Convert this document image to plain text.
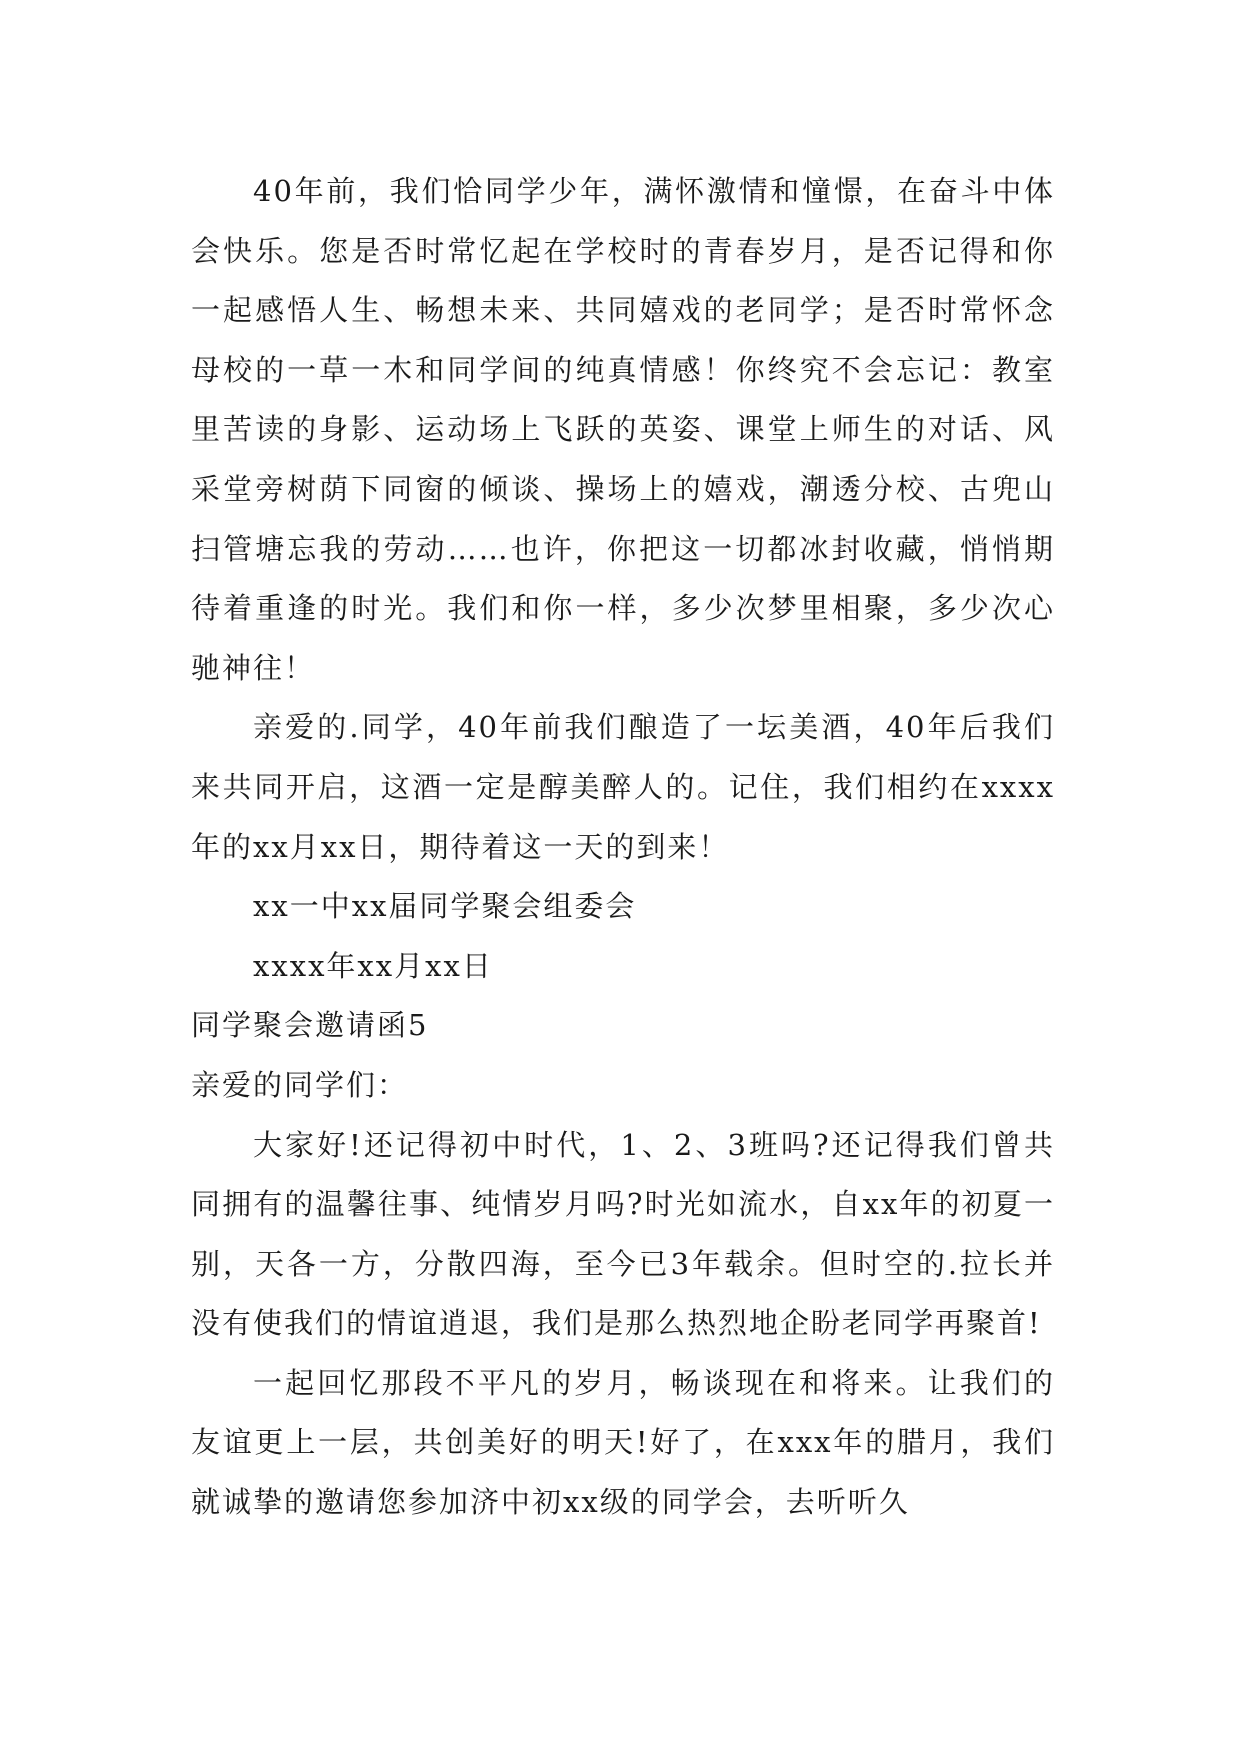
40年前，我们恰同学少年，满怀激情和憧憬，在奋斗中体会快乐。您是否时常忆起在学校时的青春岁月，是否记得和你一起感悟人生、畅想未来、共同嬉戏的老同学；是否时常怀念母校的一草一木和同学间的纯真情感！你终究不会忘记：教室里苦读的身影、运动场上飞跃的英姿、课堂上师生的对话、风采堂旁树荫下同窗的倾谈、操场上的嬉戏，潮透分校、古兜山扫管塘忘我的劳动……也许，你把这一切都冰封收藏，悄悄期待着重逢的时光。我们和你一样，多少次梦里相聚，多少次心驰神往！

亲爱的.同学，40年前我们酿造了一坛美酒，40年后我们来共同开启，这酒一定是醇美醉人的。记住，我们相约在xxxx年的xx月xx日，期待着这一天的到来！

xx一中xx届同学聚会组委会

xxxx年xx月xx日

同学聚会邀请函5

亲爱的同学们：

大家好!还记得初中时代，1、2、3班吗?还记得我们曾共同拥有的温馨往事、纯情岁月吗?时光如流水，自xx年的初夏一别，天各一方，分散四海，至今已3年载余。但时空的.拉长并没有使我们的情谊逍退，我们是那么热烈地企盼老同学再聚首!

一起回忆那段不平凡的岁月，畅谈现在和将来。让我们的友谊更上一层，共创美好的明天!好了，在xxx年的腊月，我们就诚挚的邀请您参加济中初xx级的同学会，去听听久
